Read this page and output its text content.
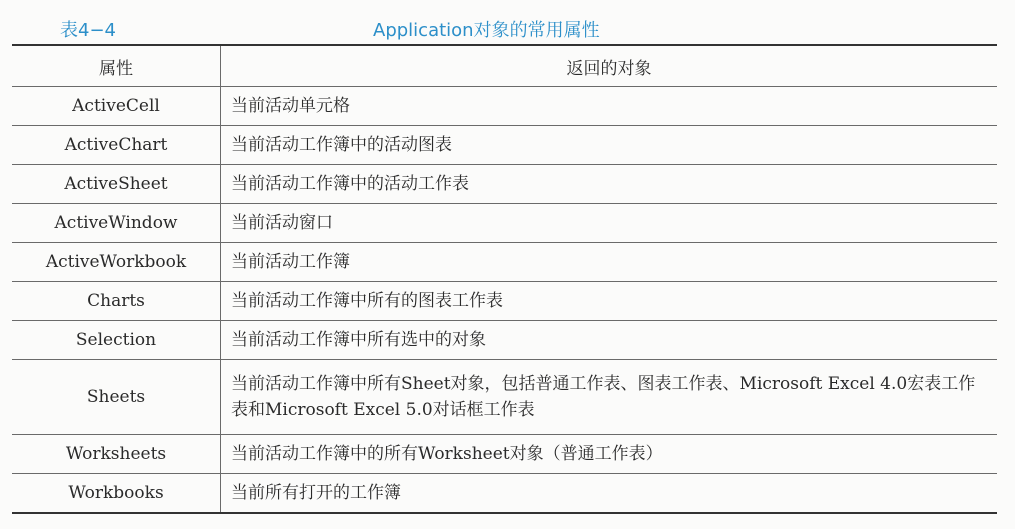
表4−4	Application对象的常用属性
属性	返回的对象
ActiveCell	当前活动单元格
ActiveChart	当前活动工作簿中的活动图表
ActiveSheet	当前活动工作簿中的活动工作表
ActiveWindow	当前活动窗口
ActiveWorkbook	当前活动工作簿
Charts	当前活动工作簿中所有的图表工作表
Selection	当前活动工作簿中所有选中的对象
Sheets	当前活动工作簿中所有Sheet对象，包括普通工作表、图表工作表、Microsoft Excel 4.0宏表工作表和Microsoft Excel 5.0对话框工作表
Worksheets	当前活动工作簿中的所有Worksheet对象（普通工作表）
Workbooks	当前所有打开的工作簿
